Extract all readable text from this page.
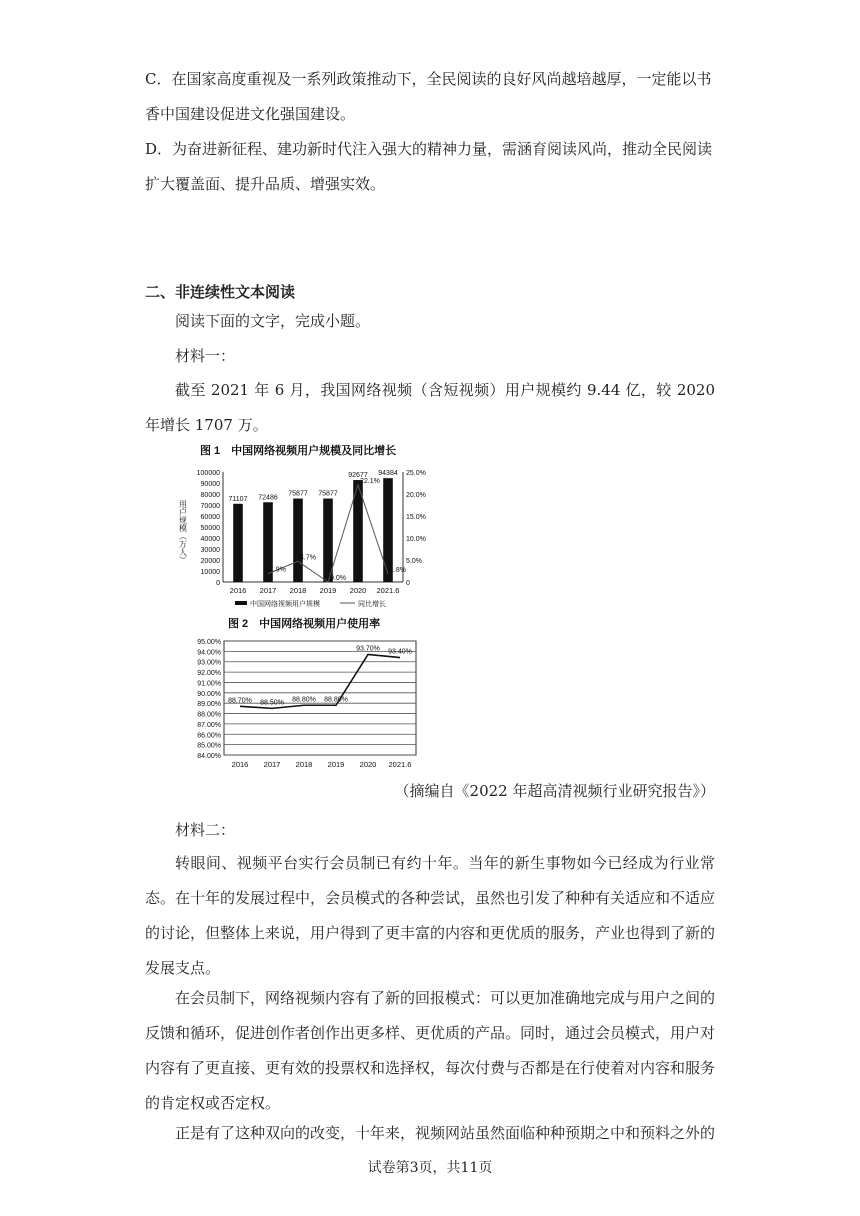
C．在国家高度重视及一系列政策推动下，全民阅读的良好风尚越培越厚，一定能以书
香中国建设促进文化强国建设。

D．为奋进新征程、建功新时代注入强大的精神力量，需涵育阅读风尚，推动全民阅读
扩大覆盖面、提升品质、增强实效。

二、非连续性文本阅读

阅读下面的文字，完成小题。

材料一：

截至 2021 年 6 月，我国网络视频（含短视频）用户规模约 9.44 亿，较 2020 年增长 1707 万。

图 1　中国网络视频用户规模及同比增长
用户规模（万人）
0
10000
20000
30000
40000
50000
60000
70000
80000
90000
100000
0
5.0%
10.0%
15.0%
20.0%
25.0%
2016
71107
2017
72486
2018
75877
2019
75877
2020
92677
2021.6
94384
1.9%
4.7%
0.0%
22.1%
1.8%
中国网络视频用户规模	同比增长
图 2　中国网络视频用户使用率
84.00%
85.00%
86.00%
87.00%
88.00%
89.00%
90.00%
91.00%
92.00%
93.00%
94.00%
95.00%
2016 2017 2018 2019 2020 2021.6
88.70% 88.50% 88.80% 88.80%
93.70% 93.40%
（摘编自《2022 年超高清视频行业研究报告》）

材料二：

转眼间、视频平台实行会员制已有约十年。当年的新生事物如今已经成为行业常态。在十年的发展过程中，会员模式的各种尝试，虽然也引发了种种有关适应和不适应的讨论，但整体上来说，用户得到了更丰富的内容和更优质的服务，产业也得到了新的发展支点。

在会员制下，网络视频内容有了新的回报模式：可以更加准确地完成与用户之间的反馈和循环，促进创作者创作出更多样、更优质的产品。同时，通过会员模式，用户对内容有了更直接、更有效的投票权和选择权，每次付费与否都是在行使着对内容和服务的肯定权或否定权。

正是有了这种双向的改变，十年来，视频网站虽然面临种种预期之中和预料之外的

试卷第3页，共11页
